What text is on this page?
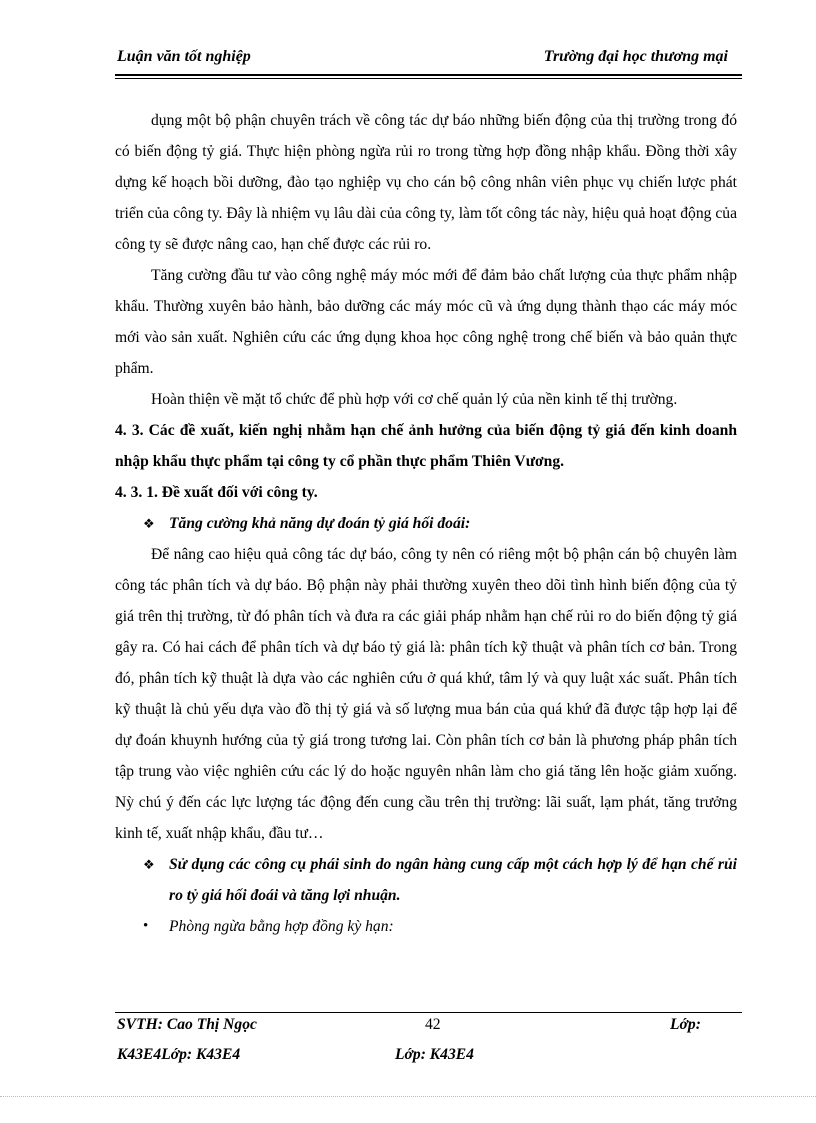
Luận văn tốt nghiệp	Trường đại học thương mại

dụng một bộ phận chuyên trách về công tác dự báo những biến động của thị trường trong đó có biến động tỷ giá. Thực hiện phòng ngừa rủi ro trong từng hợp đồng nhập khẩu. Đồng thời xây dựng kế hoạch bồi dưỡng, đào tạo nghiệp vụ cho cán bộ công nhân viên phục vụ chiến lược phát triển của công ty. Đây là nhiệm vụ lâu dài của công ty, làm tốt công tác này, hiệu quả hoạt động của công ty sẽ được nâng cao, hạn chế được các rủi ro.

Tăng cường đầu tư vào công nghệ máy móc mới để đảm bảo chất lượng của thực phẩm nhập khẩu. Thường xuyên bảo hành, bảo dưỡng các máy móc cũ và ứng dụng thành thạo các máy móc mới vào sản xuất. Nghiên cứu các ứng dụng khoa học công nghệ trong chế biến và bảo quản thực phẩm.

Hoàn thiện về mặt tổ chức để phù hợp với cơ chế quản lý của nền kinh tế thị trường.

4. 3. Các đề xuất, kiến nghị nhằm hạn chế ảnh hưởng của biến động tỷ giá đến kinh doanh nhập khẩu thực phẩm tại công ty cổ phần thực phẩm Thiên Vương.

4. 3. 1. Đề xuất đối với công ty.

❖ Tăng cường khả năng dự đoán tỷ giá hối đoái:

Để nâng cao hiệu quả công tác dự báo, công ty nên có riêng một bộ phận cán bộ chuyên làm công tác phân tích và dự báo. Bộ phận này phải thường xuyên theo dõi tình hình biến động của tỷ giá trên thị trường, từ đó phân tích và đưa ra các giải pháp nhằm hạn chế rủi ro do biến động tỷ giá gây ra. Có hai cách để phân tích và dự báo tỷ giá là: phân tích kỹ thuật và phân tích cơ bản. Trong đó, phân tích kỹ thuật là dựa vào các nghiên cứu ở quá khứ, tâm lý và quy luật xác suất. Phân tích kỹ thuật là chủ yếu dựa vào đồ thị tỷ giá và số lượng mua bán của quá khứ đã được tập hợp lại để dự đoán khuynh hướng của tỷ giá trong tương lai. Còn phân tích cơ bản là phương pháp phân tích tập trung vào việc nghiên cứu các lý do hoặc nguyên nhân làm cho giá tăng lên hoặc giảm xuống. Nỳ chú ý đến các lực lượng tác động đến cung cầu trên thị trường: lãi suất, lạm phát, tăng trưởng kinh tế, xuất nhập khẩu, đầu tư…

❖ Sử dụng các công cụ phái sinh do ngân hàng cung cấp một cách hợp lý để hạn chế rủi ro tỷ giá hối đoái và tăng lợi nhuận.
•	Phòng ngừa bằng hợp đồng kỳ hạn:
SVTH: Cao Thị Ngọc	42	Lớp:
K43E4Lớp: K43E4	Lớp: K43E4
